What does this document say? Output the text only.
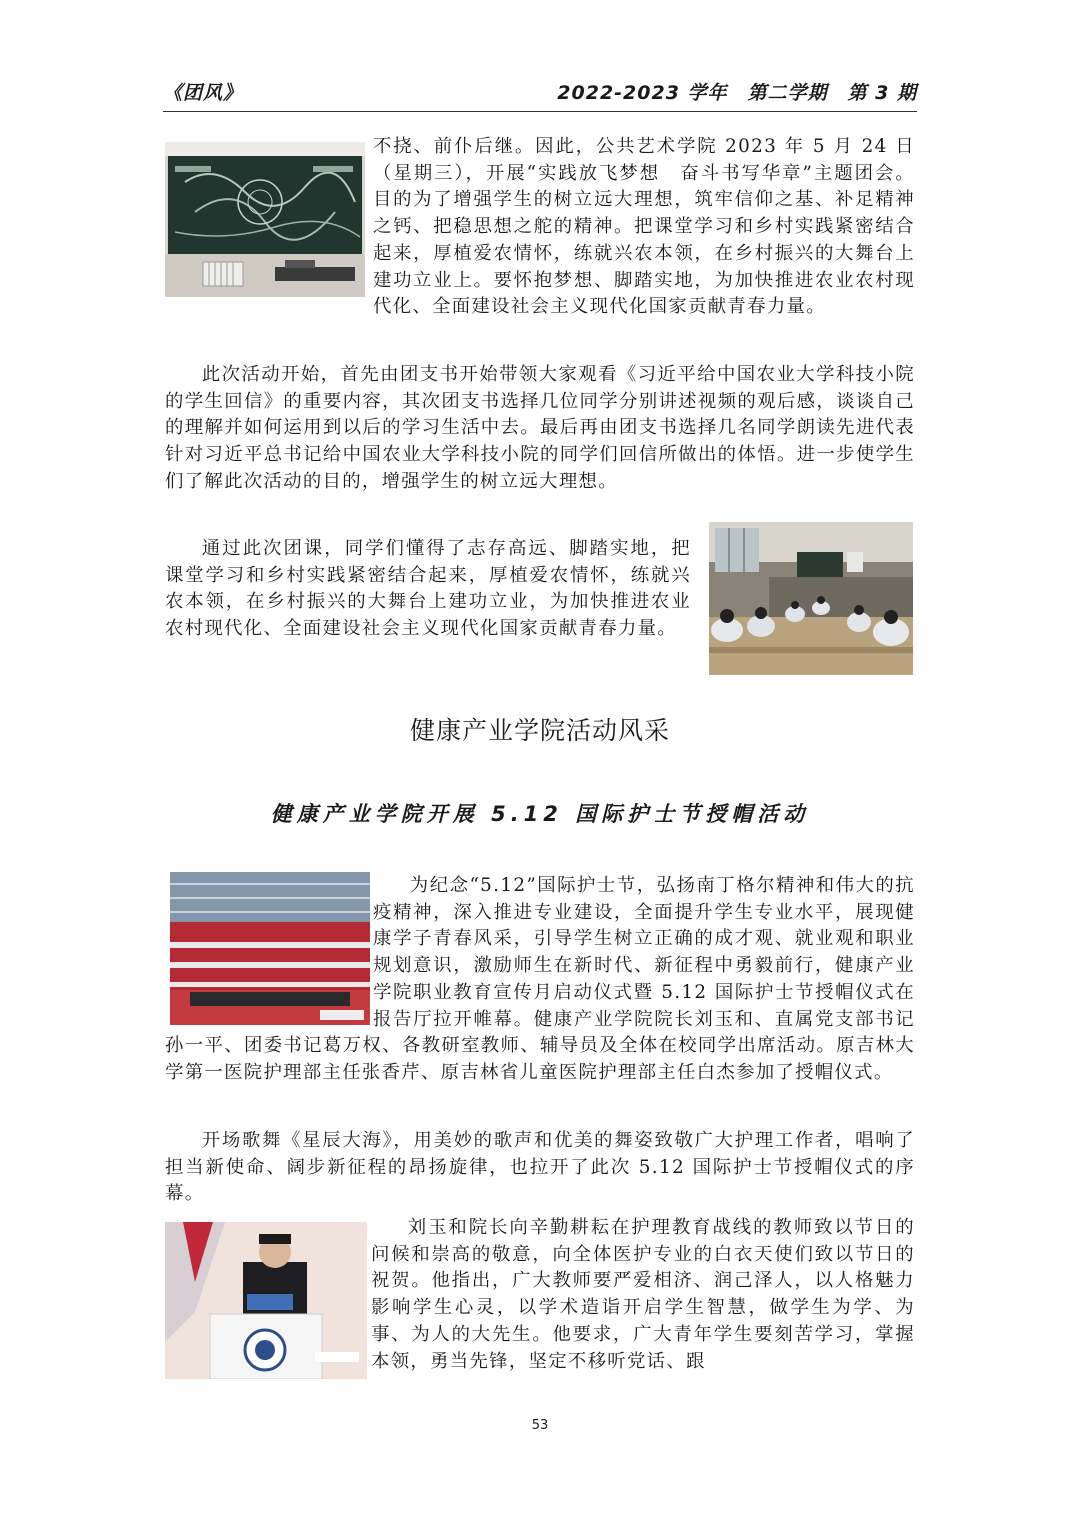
《团风》	2022-2023 学年　第二学期　第 3 期

不挠、前仆后继。因此，公共艺术学院 2023 年 5 月 24 日（星期三），开展“实践放飞梦想　奋斗书写华章”主题团会。目的为了增强学生的树立远大理想，筑牢信仰之基、补足精神之钙、把稳思想之舵的精神。把课堂学习和乡村实践紧密结合起来，厚植爱农情怀，练就兴农本领，在乡村振兴的大舞台上建功立业上。要怀抱梦想、脚踏实地，为加快推进农业农村现代化、全面建设社会主义现代化国家贡献青春力量。

此次活动开始，首先由团支书开始带领大家观看《习近平给中国农业大学科技小院的学生回信》的重要内容，其次团支书选择几位同学分别讲述视频的观后感，谈谈自己的理解并如何运用到以后的学习生活中去。最后再由团支书选择几名同学朗读先进代表针对习近平总书记给中国农业大学科技小院的同学们回信所做出的体悟。进一步使学生们了解此次活动的目的，增强学生的树立远大理想。

通过此次团课，同学们懂得了志存高远、脚踏实地，把课堂学习和乡村实践紧密结合起来，厚植爱农情怀，练就兴农本领，在乡村振兴的大舞台上建功立业，为加快推进农业农村现代化、全面建设社会主义现代化国家贡献青春力量。

健康产业学院活动风采
健康产业学院开展 5.12 国际护士节授帽活动

为纪念“5.12”国际护士节，弘扬南丁格尔精神和伟大的抗疫精神，深入推进专业建设，全面提升学生专业水平，展现健康学子青春风采，引导学生树立正确的成才观、就业观和职业规划意识，激励师生在新时代、新征程中勇毅前行，健康产业学院职业教育宣传月启动仪式暨 5.12 国际护士节授帽仪式在报告厅拉开帷幕。健康产业学院院长刘玉和、直属党支部书记孙一平、团委书记葛万权、各教研室教师、辅导员及全体在校同学出席活动。原吉林大学第一医院护理部主任张香芹、原吉林省儿童医院护理部主任白杰参加了授帽仪式。

开场歌舞《星辰大海》，用美妙的歌声和优美的舞姿致敬广大护理工作者，唱响了担当新使命、阔步新征程的昂扬旋律，也拉开了此次 5.12 国际护士节授帽仪式的序幕。

刘玉和院长向辛勤耕耘在护理教育战线的教师致以节日的问候和崇高的敬意，向全体医护专业的白衣天使们致以节日的祝贺。他指出，广大教师要严爱相济、润己泽人，以人格魅力影响学生心灵，以学术造诣开启学生智慧，做学生为学、为事、为人的大先生。他要求，广大青年学生要刻苦学习，掌握本领，勇当先锋，坚定不移听党话、跟

53
